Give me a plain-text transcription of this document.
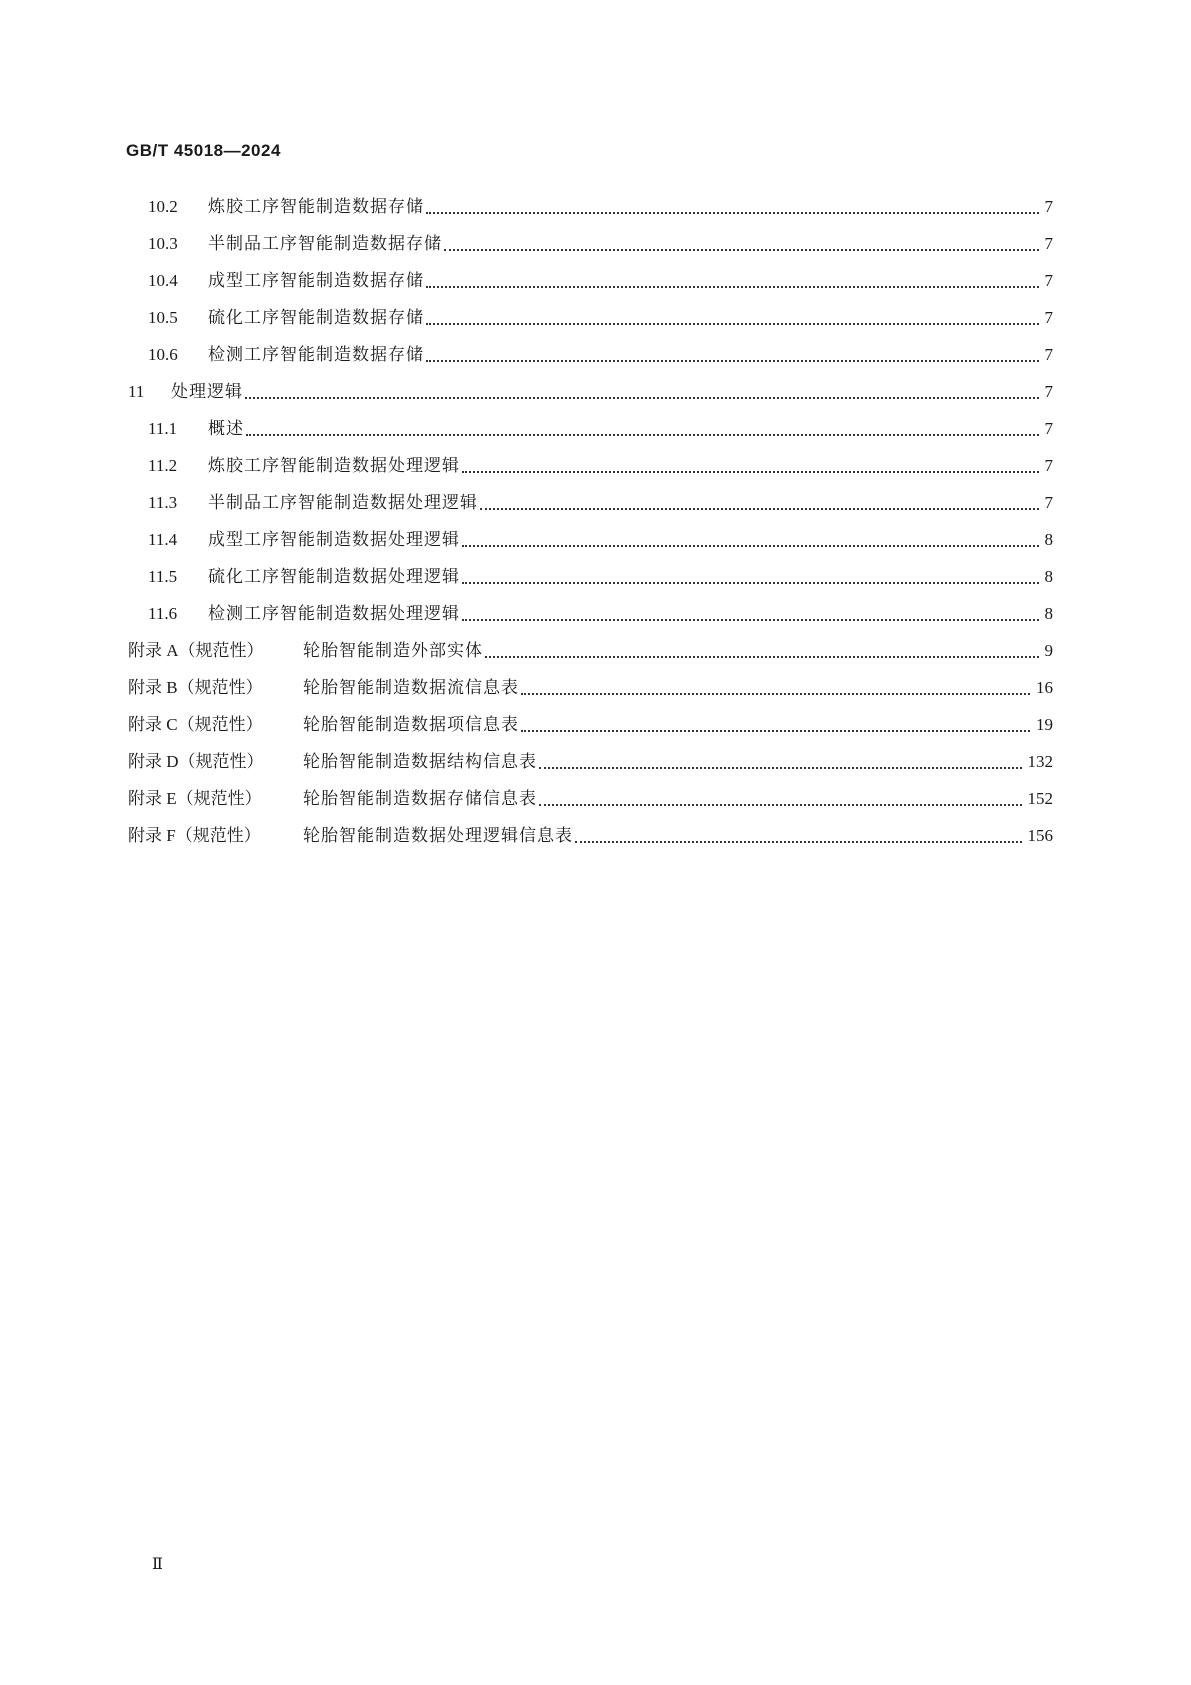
GB/T 45018—2024
10.2	炼胶工序智能制造数据存储	7
10.3	半制品工序智能制造数据存储	7
10.4	成型工序智能制造数据存储	7
10.5	硫化工序智能制造数据存储	7
10.6	检测工序智能制造数据存储	7
11	处理逻辑	7
11.1	概述	7
11.2	炼胶工序智能制造数据处理逻辑	7
11.3	半制品工序智能制造数据处理逻辑	7
11.4	成型工序智能制造数据处理逻辑	8
11.5	硫化工序智能制造数据处理逻辑	8
11.6	检测工序智能制造数据处理逻辑	8
附录 A（规范性）	轮胎智能制造外部实体	9
附录 B（规范性）	轮胎智能制造数据流信息表	16
附录 C（规范性）	轮胎智能制造数据项信息表	19
附录 D（规范性）	轮胎智能制造数据结构信息表	132
附录 E（规范性）	轮胎智能制造数据存储信息表	152
附录 F（规范性）	轮胎智能制造数据处理逻辑信息表	156
Ⅱ
